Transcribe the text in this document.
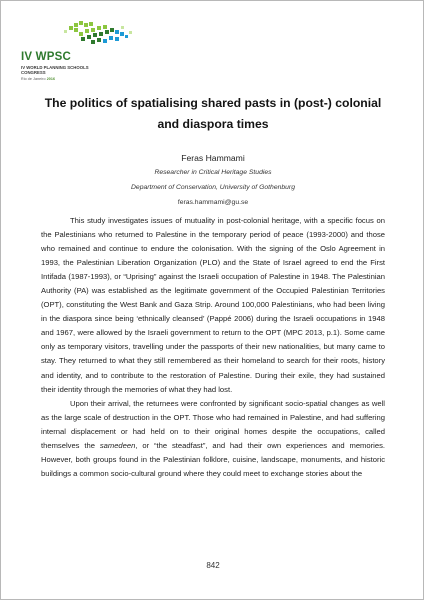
IV WPSC
IV WORLD PLANNING SCHOOLS CONGRESS
Rio de Janeiro 2016
The politics of spatialising shared pasts in (post-) colonial and diaspora times
Feras Hammami
Researcher in Critical Heritage Studies
Department of Conservation, University of Gothenburg
feras.hammami@gu.se

This study investigates issues of mutuality in post-colonial heritage, with a specific focus on the Palestinians who returned to Palestine in the temporary period of peace (1993-2000) and those who remained and continue to endure the colonisation. With the signing of the Oslo Agreement in 1993, the Palestinian Liberation Organization (PLO) and the State of Israel agreed to end the First Intifada (1987-1993), or “Uprising” against the Israeli occupation of Palestine in 1948. The Palestinian Authority (PA) was established as the legitimate government of the Occupied Palestinian Territories (OPT), constituting the West Bank and Gaza Strip. Around 100,000 Palestinians, who had been living in the diaspora since being ‘ethnically cleansed’ (Pappé 2006) during the Israeli occupations in 1948 and 1967, were allowed by the Israeli government to return to the OPT (MPC 2013, p.1). Some came only as temporary visitors, travelling under the passports of their new nationalities, but many came to stay. They returned to what they still remembered as their homeland to search for their roots, history and identity, and to contribute to the restoration of Palestine. During their exile, they had sustained their identity through the memories of what they had lost.

Upon their arrival, the returnees were confronted by significant socio-spatial changes as well as the large scale of destruction in the OPT. Those who had remained in Palestine, and had suffering internal displacement or had held on to their original homes despite the occupations, called themselves the samedeen, or “the steadfast”, and had their own experiences and memories. However, both groups found in the Palestinian folklore, cuisine, landscape, monuments, and historic buildings a common socio-cultural ground where they could meet to exchange stories about the

842
